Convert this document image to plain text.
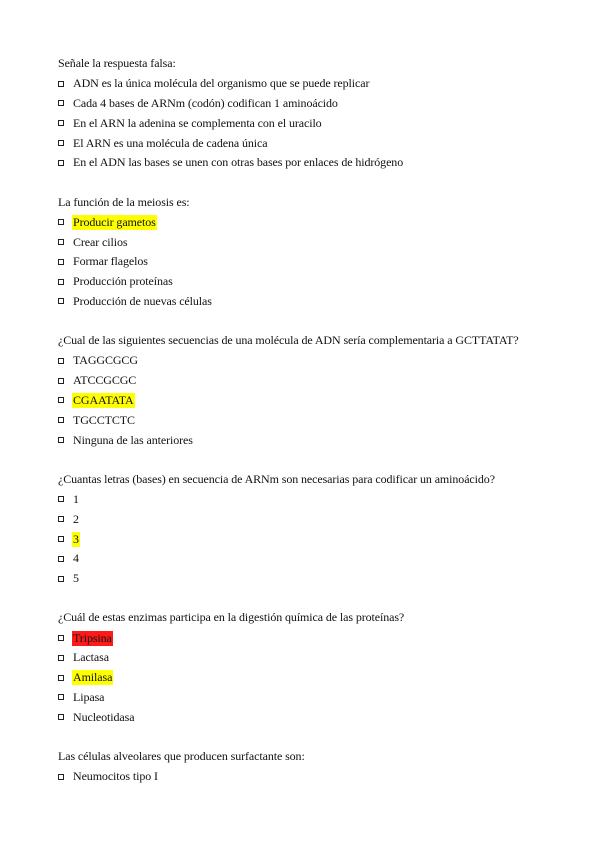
Señale la respuesta falsa:
ADN es la única molécula del organismo que se puede replicar
Cada 4 bases de ARNm (codón) codifican 1 aminoácido
En el ARN la adenina se complementa con el uracilo
El ARN es una molécula de cadena única
En el ADN las bases se unen con otras bases por enlaces de hidrógeno
La función de la meiosis es:
Producir gametos
Crear cilios
Formar flagelos
Producción proteínas
Producción de nuevas células
¿Cual de las siguientes secuencias de una molécula de ADN sería complementaria a GCTTATAT?
TAGGCGCG
ATCCGCGC
CGAATATA
TGCCTCTC
Ninguna de las anteriores
¿Cuantas letras (bases) en secuencia de ARNm son necesarias para codificar un aminoácido?
1
2
3
4
5
¿Cuál de estas enzimas participa en la digestión química de las proteínas?
Tripsina
Lactasa
Amilasa
Lipasa
Nucleotidasa
Las células alveolares que producen surfactante son:
Neumocitos tipo I
